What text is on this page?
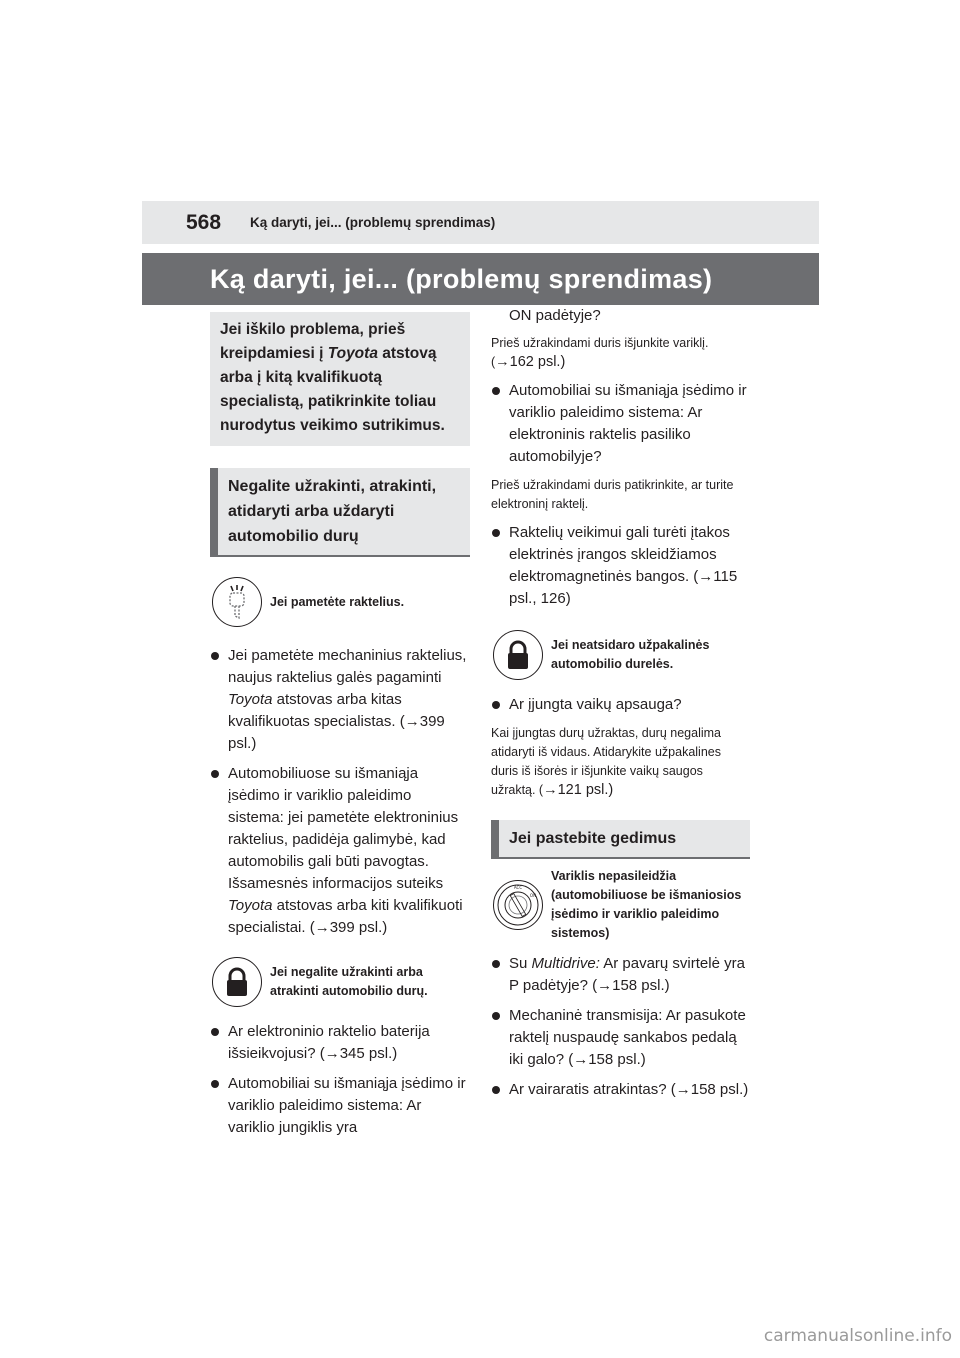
568	Ką daryti, jei... (problemų sprendimas)
Ką daryti, jei... (problemų sprendimas)
Jei iškilo problema, prieš kreipdamiesi į Toyota atstovą arba į kitą kvalifikuotą specialistą, patikrinkite toliau nurodytus veikimo sutrikimus.
Negalite užrakinti, atrakinti, atidaryti arba uždaryti automobilio durų
Jei pametėte raktelius.
Jei pametėte mechaninius raktelius, naujus raktelius galės pagaminti Toyota atstovas arba kitas kvalifikuotas specialistas. (→399 psl.)
Automobiliuose su išmaniąja įsėdimo ir variklio paleidimo sistema: jei pametėte elektroninius raktelius, padidėja galimybė, kad automobilis gali būti pavogtas. Išsamesnės informacijos suteiks Toyota atstovas arba kiti kvalifikuoti specialistai. (→399 psl.)
Jei negalite užrakinti arba atrakinti automobilio durų.
Ar elektroninio raktelio baterija išsieikvojusi? (→345 psl.)
Automobiliai su išmaniąja įsėdimo ir variklio paleidimo sistema: Ar variklio jungiklis yra
ON padėtyje?
Prieš užrakindami duris išjunkite variklį. (→162 psl.)
Automobiliai su išmaniąja įsėdimo ir variklio paleidimo sistema: Ar elektroninis raktelis pasiliko automobilyje?
Prieš užrakindami duris patikrinkite, ar turite elektroninį raktelį.
Raktelių veikimui gali turėti įtakos elektrinės įrangos skleidžiamos elektromagnetinės bangos. (→115 psl., 126)
Jei neatsidaro užpakalinės automobilio durelės.
Ar įjungta vaikų apsauga?
Kai įjungtas durų užraktas, durų negalima atidaryti iš vidaus. Atidarykite užpakalines duris iš išorės ir išjunkite vaikų saugos užraktą. (→121 psl.)
Jei pastebite gedimus
ACC
ON
Variklis nepasileidžia (automobiliuose be išmaniosios įsėdimo ir variklio paleidimo sistemos)
Su Multidrive: Ar pavarų svirtelė yra P padėtyje? (→158 psl.)
Mechaninė transmisija: Ar pasukote raktelį nuspaudę sankabos pedalą iki galo? (→158 psl.)
Ar vairaratis atrakintas? (→158 psl.)
carmanualsonline.info
